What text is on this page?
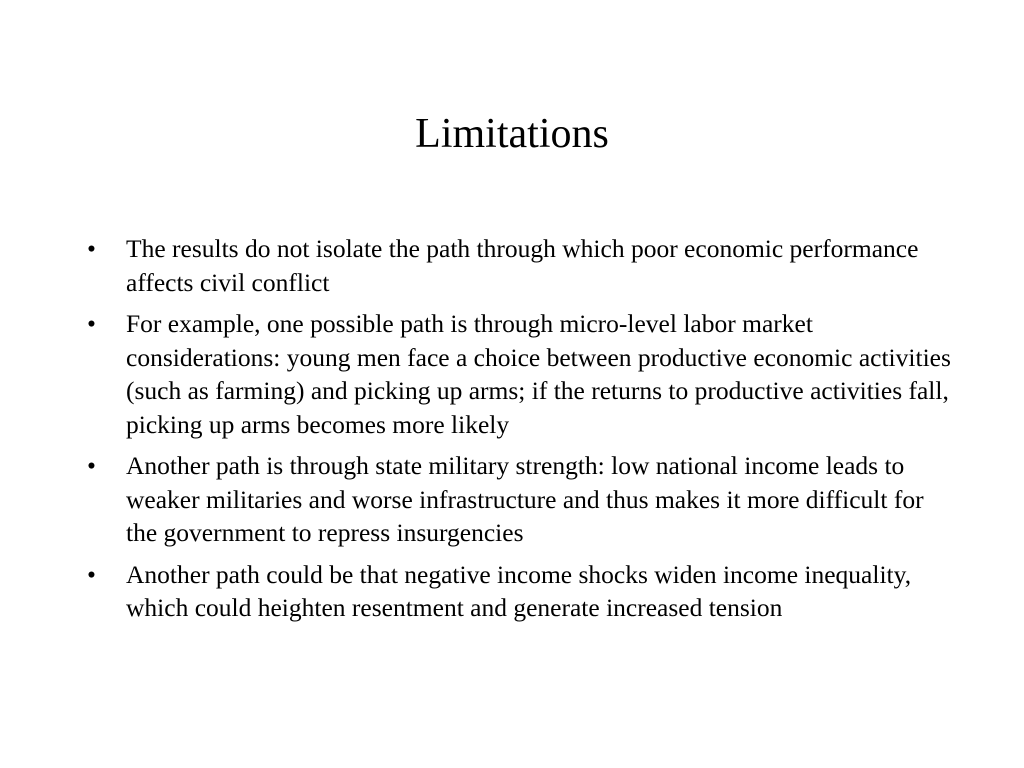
Limitations
•	The results do not isolate the path through which poor economic performance affects civil conflict
•	For example, one possible path is through micro-level labor market considerations: young men face a choice between productive economic activities (such as farming) and picking up arms; if the returns to productive activities fall, picking up arms becomes more likely
•	Another path is through state military strength: low national income leads to weaker militaries and worse infrastructure and thus makes it more difficult for the government to repress insurgencies
•	Another path could be that negative income shocks widen income inequality, which could heighten resentment and generate increased tension
